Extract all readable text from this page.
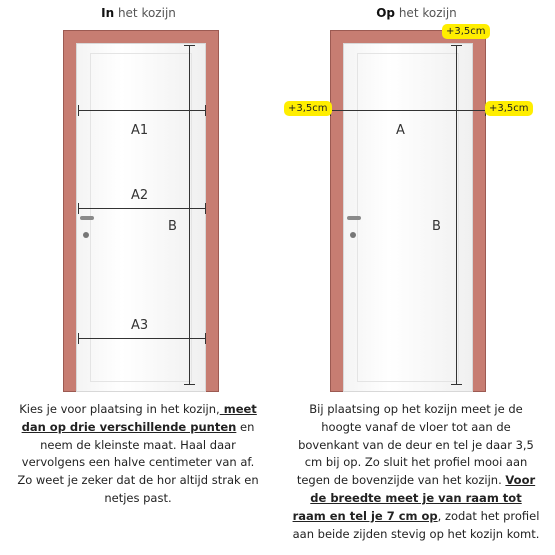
In het kozijn
A1
A2
A3
B
Kies je voor plaatsing in het kozijn, meet dan op drie verschillende punten en neem de kleinste maat. Haal daar vervolgens een halve centimeter van af. Zo weet je zeker dat de hor altijd strak en netjes past.
Op het kozijn
A
B
+3,5cm
+3,5cm	+3,5cm
Bij plaatsing op het kozijn meet je de hoogte vanaf de vloer tot aan de bovenkant van de deur en tel je daar 3,5 cm bij op. Zo sluit het profiel mooi aan tegen de bovenzijde van het kozijn. Voor de breedte meet je van raam tot raam en tel je 7 cm op, zodat het profiel aan beide zijden stevig op het kozijn komt.
